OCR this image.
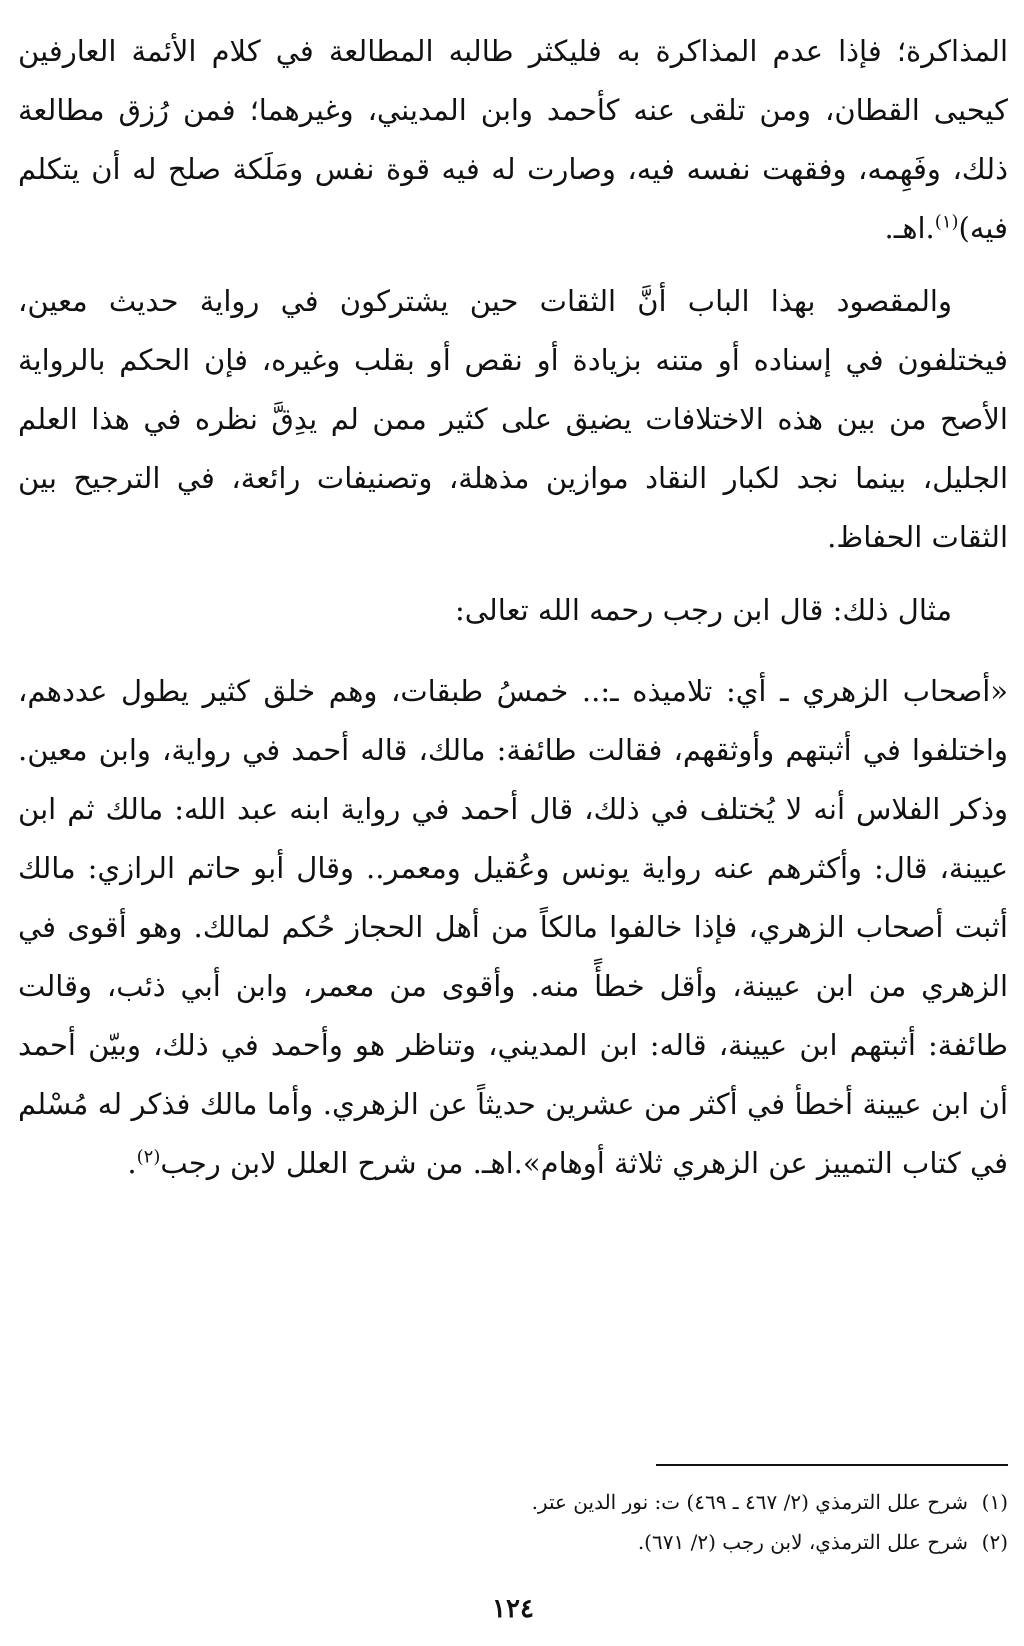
المذاكرة؛ فإذا عدم المذاكرة به فليكثر طالبه المطالعة في كلام الأئمة العارفين كيحيى القطان، ومن تلقى عنه كأحمد وابن المديني، وغيرهما؛ فمن رُزق مطالعة ذلك، وفَهِمه، وفقهت نفسه فيه، وصارت له فيه قوة نفس ومَلَكة صلح له أن يتكلم فيه)$^{(١)}$.اهـ.

والمقصود بهذا الباب أنَّ الثقات حين يشتركون في رواية حديث معين، فيختلفون في إسناده أو متنه بزيادة أو نقص أو بقلب وغيره، فإن الحكم بالرواية الأصح من بين هذه الاختلافات يضيق على كثير ممن لم يدِقَّ نظره في هذا العلم الجليل، بينما نجد لكبار النقاد موازين مذهلة، وتصنيفات رائعة، في الترجيح بين الثقات الحفاظ.

مثال ذلك: قال ابن رجب رحمه الله تعالى:

«أصحاب الزهري ـ أي: تلاميذه ـ:.. خمسُ طبقات، وهم خلق كثير يطول عددهم، واختلفوا في أثبتهم وأوثقهم، فقالت طائفة: مالك، قاله أحمد في رواية، وابن معين. وذكر الفلاس أنه لا يُختلف في ذلك، قال أحمد في رواية ابنه عبد الله: مالك ثم ابن عيينة، قال: وأكثرهم عنه رواية يونس وعُقيل ومعمر.. وقال أبو حاتم الرازي: مالك أثبت أصحاب الزهري، فإذا خالفوا مالكاً من أهل الحجاز حُكم لمالك. وهو أقوى في الزهري من ابن عيينة، وأقل خطأً منه. وأقوى من معمر، وابن أبي ذئب، وقالت طائفة: أثبتهم ابن عيينة، قاله: ابن المديني، وتناظر هو وأحمد في ذلك، وبيّن أحمد أن ابن عيينة أخطأ في أكثر من عشرين حديثاً عن الزهري. وأما مالك فذكر له مُسْلم في كتاب التمييز عن الزهري ثلاثة أوهام».اهـ. من شرح العلل لابن رجب$^{(٢)}$.

(١)شرح علل الترمذي (٢/ ٤٦٧ ـ ٤٦٩) ت: نور الدين عتر.

(٢)شرح علل الترمذي، لابن رجب (٢/ ٦٧١).

١٢٤
